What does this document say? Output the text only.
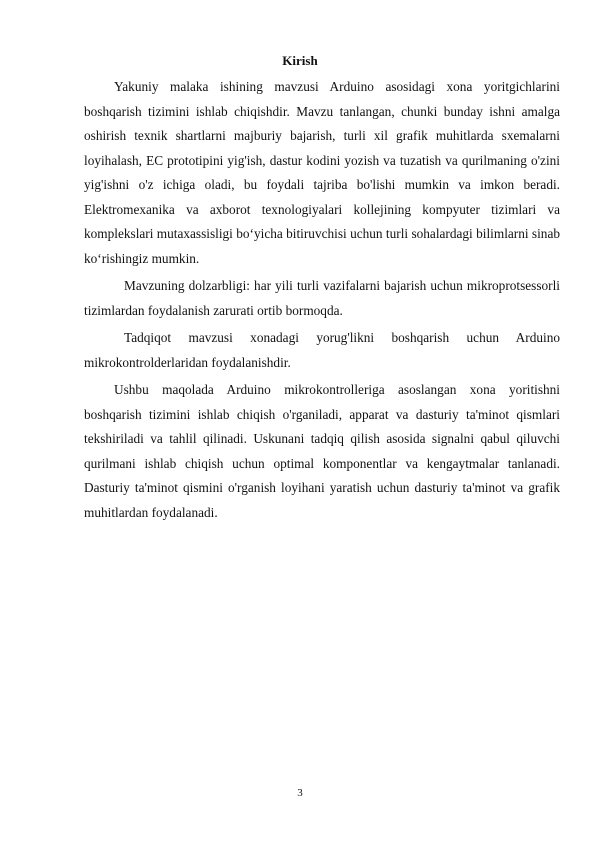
Kirish

Yakuniy malaka ishining mavzusi Arduino asosidagi xona yoritgichlarini boshqarish tizimini ishlab chiqishdir. Mavzu tanlangan, chunki bunday ishni amalga oshirish texnik shartlarni majburiy bajarish, turli xil grafik muhitlarda sxemalarni loyihalash, EC prototipini yig'ish, dastur kodini yozish va tuzatish va qurilmaning o'zini yig'ishni o'z ichiga oladi, bu foydali tajriba bo'lishi mumkin va imkon beradi. Elektromexanika va axborot texnologiyalari kollejining kompyuter tizimlari va komplekslari mutaxassisligi bo‘yicha bitiruvchisi uchun turli sohalardagi bilimlarni sinab ko‘rishingiz mumkin.

Mavzuning dolzarbligi: har yili turli vazifalarni bajarish uchun mikroprotsessorli tizimlardan foydalanish zarurati ortib bormoqda.

Tadqiqot mavzusi xonadagi yorug'likni boshqarish uchun Arduino mikrokontrolderlaridan foydalanishdir.

Ushbu maqolada Arduino mikrokontrolleriga asoslangan xona yoritishni boshqarish tizimini ishlab chiqish o'rganiladi, apparat va dasturiy ta'minot qismlari tekshiriladi va tahlil qilinadi. Uskunani tadqiq qilish asosida signalni qabul qiluvchi qurilmani ishlab chiqish uchun optimal komponentlar va kengaytmalar tanlanadi. Dasturiy ta'minot qismini o'rganish loyihani yaratish uchun dasturiy ta'minot va grafik muhitlardan foydalanadi.

3
